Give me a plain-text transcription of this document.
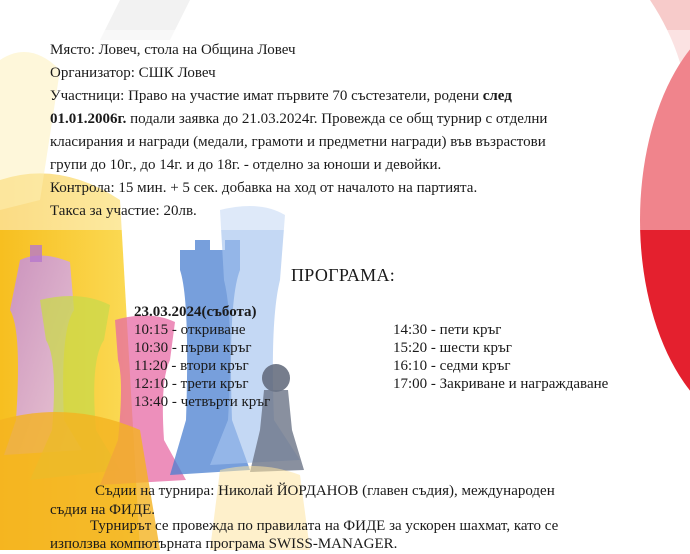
Място: Ловеч, стола на Община Ловеч
Организатор: СШК Ловеч
Участници: Право на участие имат първите 70 състезатели, родени след
01.01.2006г. подали заявка до 21.03.2024г. Провежда се общ турнир с отделни
класирания и награди (медали, грамоти и предметни награди) във възрастови
групи до 10г., до 14г. и до 18г. - отделно за юноши и девойки.
Контрола: 15 мин. + 5 сек. добавка на ход от началото на партията.
Такса за участие: 20лв.
ПРОГРАМА:
23.03.2024(събота)
10:15 - откриване
10:30 - първи кръг
11:20 - втори кръг
12:10 - трети кръг
13:40 - четвърти кръг
14:30 - пети кръг
15:20 - шести кръг
16:10 - седми кръг
17:00 - Закриване и награждаване
Съдии на турнира: Николай ЙОРДАНОВ (главен съдия), международен
съдия на ФИДЕ.
Турнирът се провежда по правилата на ФИДЕ за ускорен шахмат, като се
използва компютърната програма SWISS-MANAGER.
